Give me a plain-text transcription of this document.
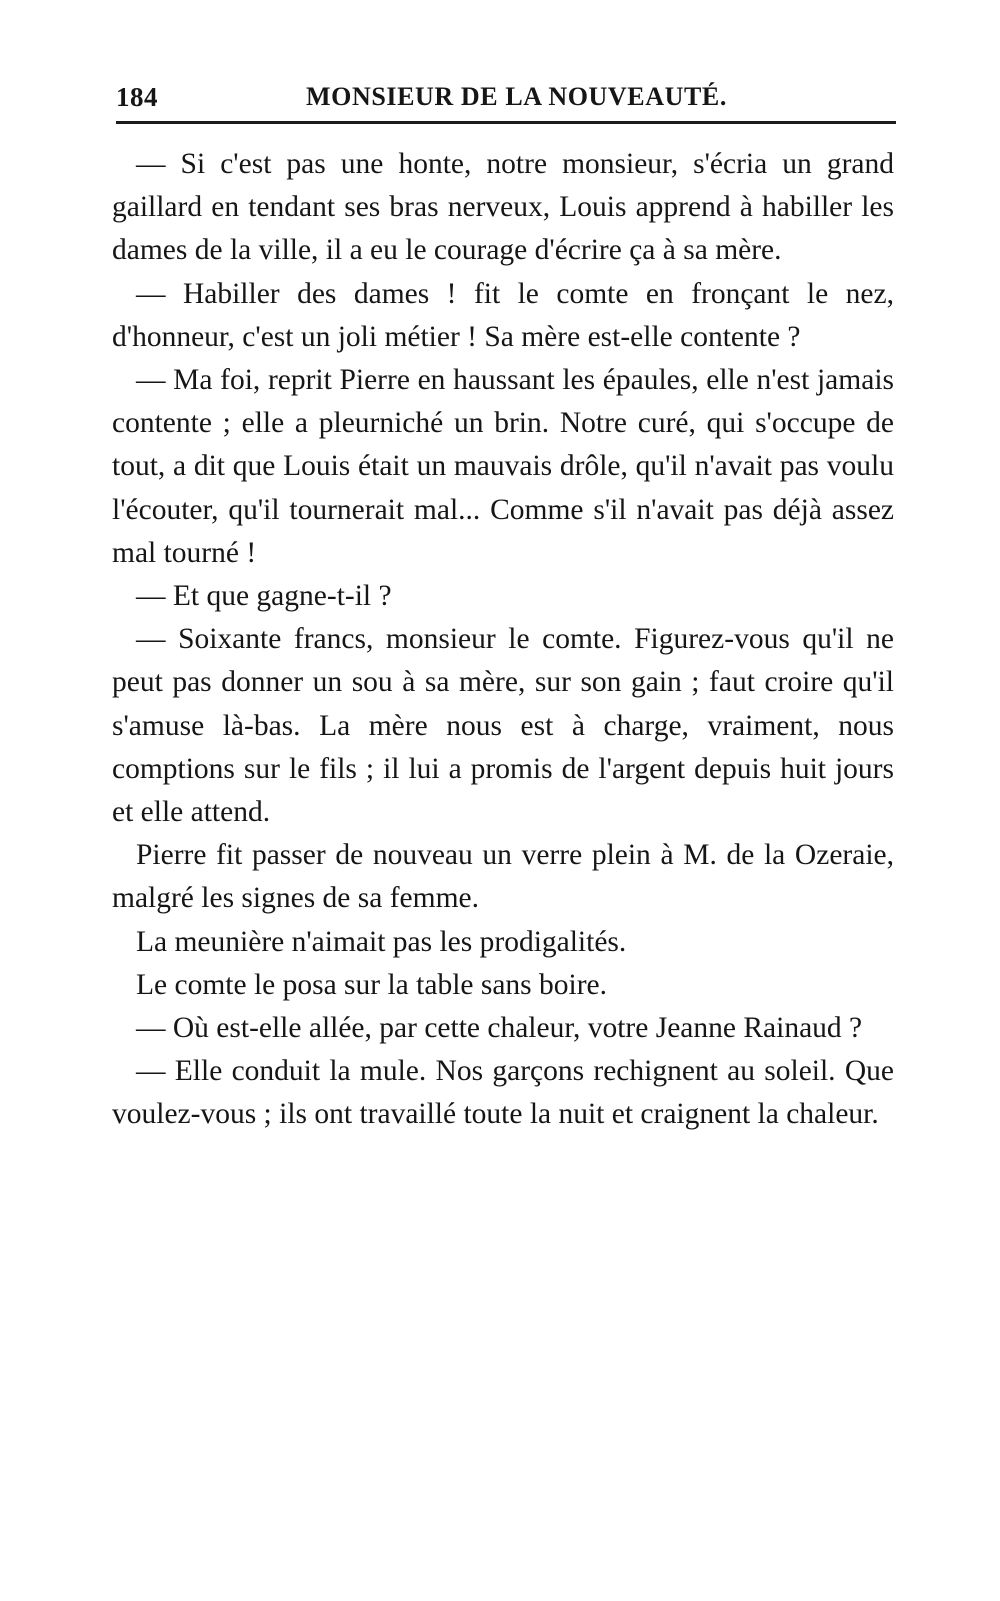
184	MONSIEUR DE LA NOUVEAUTÉ.

— Si c'est pas une honte, notre monsieur, s'écria un grand gaillard en tendant ses bras nerveux, Louis apprend à habiller les dames de la ville, il a eu le courage d'écrire ça à sa mère.

— Habiller des dames ! fit le comte en fronçant le nez, d'honneur, c'est un joli métier ! Sa mère est-elle contente ?

— Ma foi, reprit Pierre en haussant les épaules, elle n'est jamais contente ; elle a pleurniché un brin. Notre curé, qui s'occupe de tout, a dit que Louis était un mauvais drôle, qu'il n'avait pas voulu l'écouter, qu'il tournerait mal... Comme s'il n'avait pas déjà assez mal tourné !

— Et que gagne-t-il ?

— Soixante francs, monsieur le comte. Figurez-vous qu'il ne peut pas donner un sou à sa mère, sur son gain ; faut croire qu'il s'amuse là-bas. La mère nous est à charge, vraiment, nous comptions sur le fils ; il lui a promis de l'argent depuis huit jours et elle attend.

Pierre fit passer de nouveau un verre plein à M. de la Ozeraie, malgré les signes de sa femme.

La meunière n'aimait pas les prodigalités.

Le comte le posa sur la table sans boire.

— Où est-elle allée, par cette chaleur, votre Jeanne Rainaud ?

— Elle conduit la mule. Nos garçons rechignent au soleil. Que voulez-vous ; ils ont travaillé toute la nuit et craignent la chaleur.
